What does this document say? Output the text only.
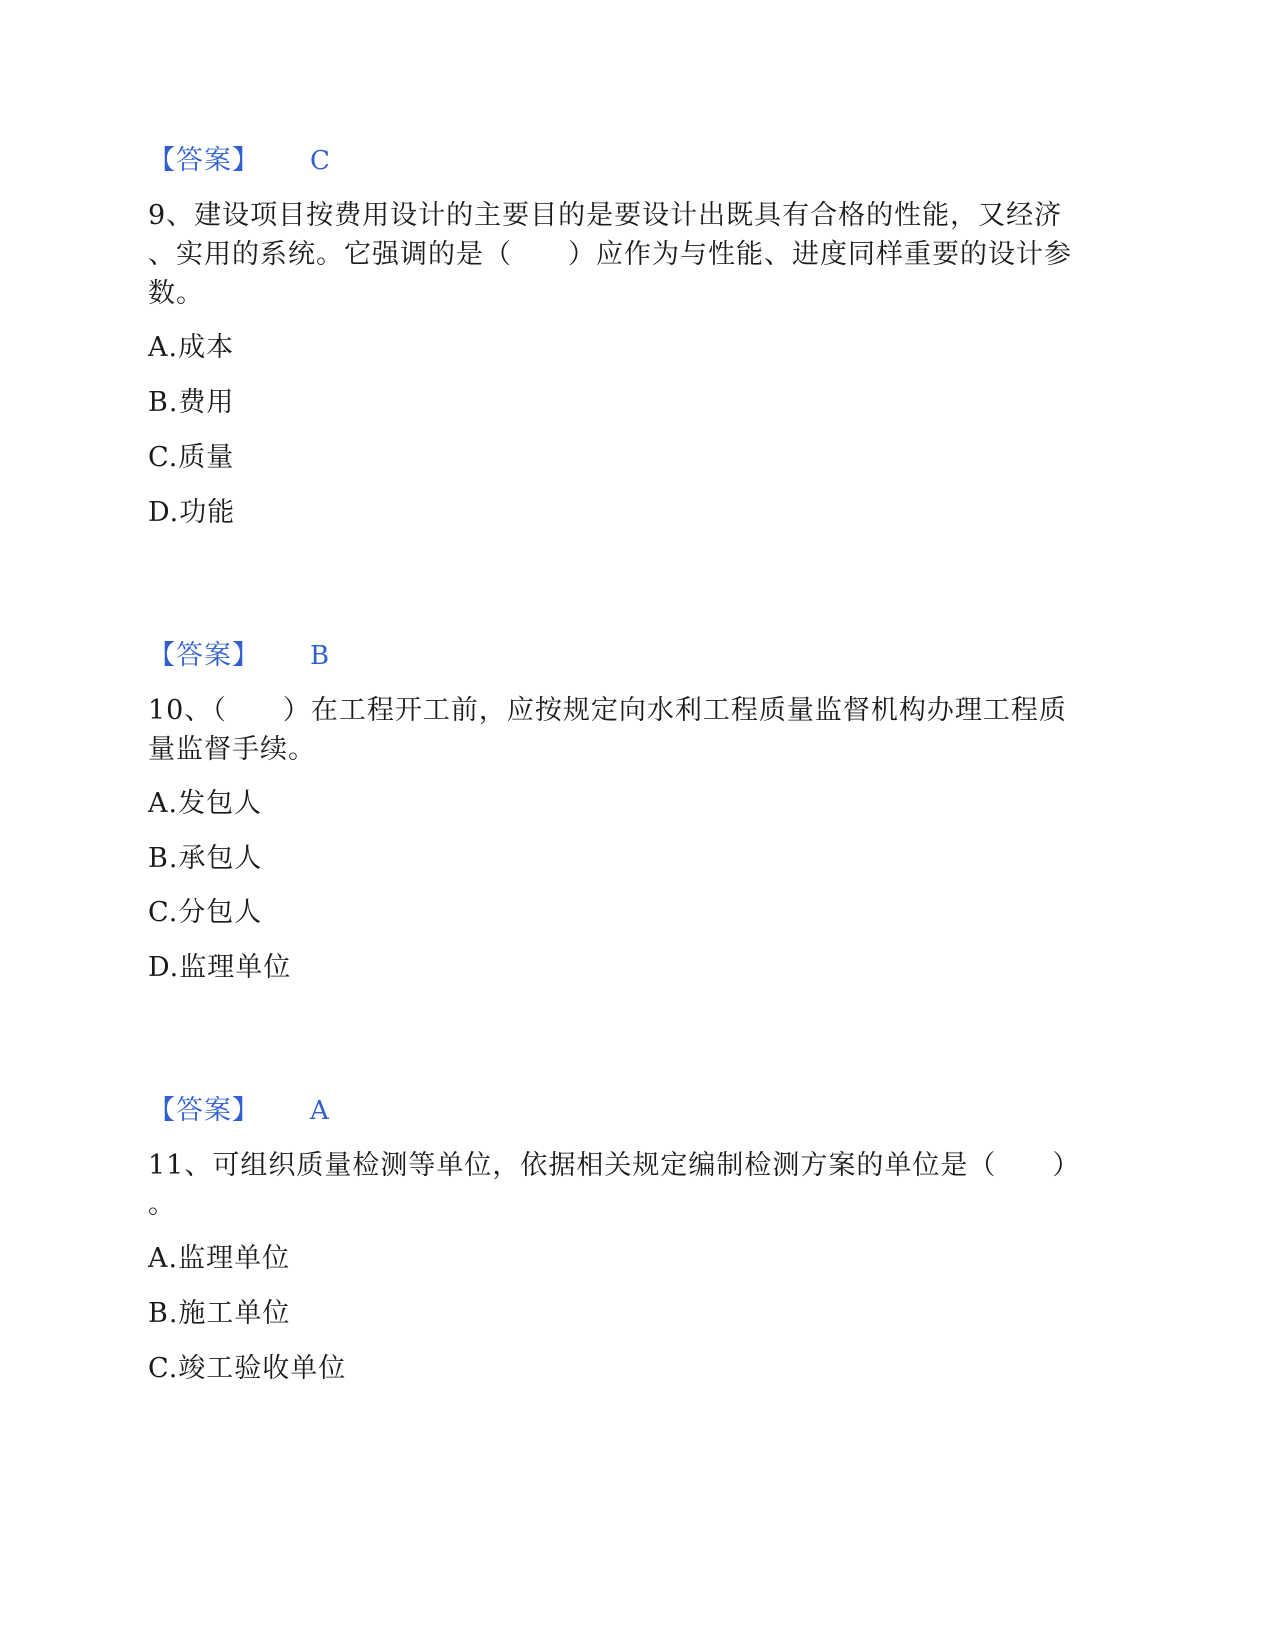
【答案】 C
9、建设项目按费用设计的主要目的是要设计出既具有合格的性能，又经济
、实用的系统。它强调的是（　　）应作为与性能、进度同样重要的设计参
数。
A.成本
B.费用
C.质量
D.功能
【答案】 B
10、（　　）在工程开工前，应按规定向水利工程质量监督机构办理工程质
量监督手续。
A.发包人
B.承包人
C.分包人
D.监理单位
【答案】 A
11、可组织质量检测等单位，依据相关规定编制检测方案的单位是（　　）
。
A.监理单位
B.施工单位
C.竣工验收单位
